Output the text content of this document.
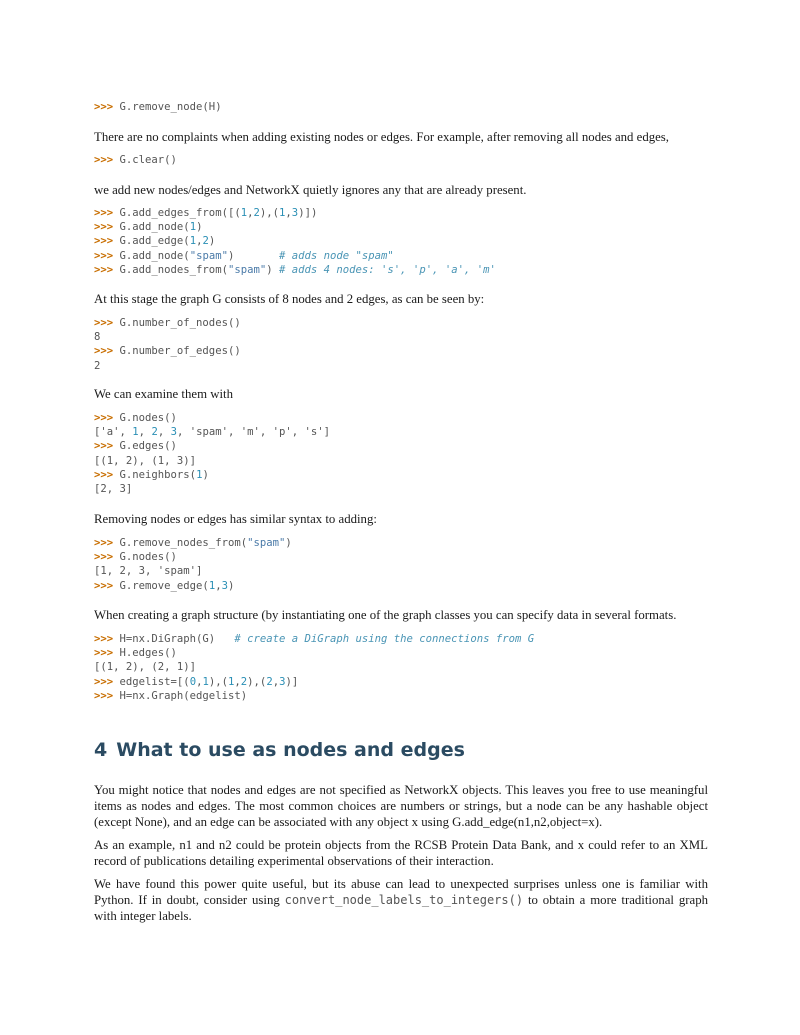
>>> G.remove_node(H)

There are no complaints when adding existing nodes or edges. For example, after removing all nodes and edges,

>>> G.clear()

we add new nodes/edges and NetworkX quietly ignores any that are already present.

>>> G.add_edges_from([(1,2),(1,3)])
>>> G.add_node(1)
>>> G.add_edge(1,2)
>>> G.add_node("spam")       # adds node "spam"
>>> G.add_nodes_from("spam") # adds 4 nodes: 's', 'p', 'a', 'm'

At this stage the graph G consists of 8 nodes and 2 edges, as can be seen by:

>>> G.number_of_nodes()
8
>>> G.number_of_edges()
2

We can examine them with

>>> G.nodes()
['a', 1, 2, 3, 'spam', 'm', 'p', 's']
>>> G.edges()
[(1, 2), (1, 3)]
>>> G.neighbors(1)
[2, 3]

Removing nodes or edges has similar syntax to adding:

>>> G.remove_nodes_from("spam")
>>> G.nodes()
[1, 2, 3, 'spam']
>>> G.remove_edge(1,3)

When creating a graph structure (by instantiating one of the graph classes you can specify data in several formats.

>>> H=nx.DiGraph(G)   # create a DiGraph using the connections from G
>>> H.edges()
[(1, 2), (2, 1)]
>>> edgelist=[(0,1),(1,2),(2,3)]
>>> H=nx.Graph(edgelist)
4 What to use as nodes and edges

You might notice that nodes and edges are not specified as NetworkX objects. This leaves you free to use meaningful items as nodes and edges. The most common choices are numbers or strings, but a node can be any hashable object (except None), and an edge can be associated with any object x using G.add_edge(n1,n2,object=x).

As an example, n1 and n2 could be protein objects from the RCSB Protein Data Bank, and x could refer to an XML record of publications detailing experimental observations of their interaction.

We have found this power quite useful, but its abuse can lead to unexpected surprises unless one is familiar with Python. If in doubt, consider using convert_node_labels_to_integers() to obtain a more traditional graph with integer labels.
